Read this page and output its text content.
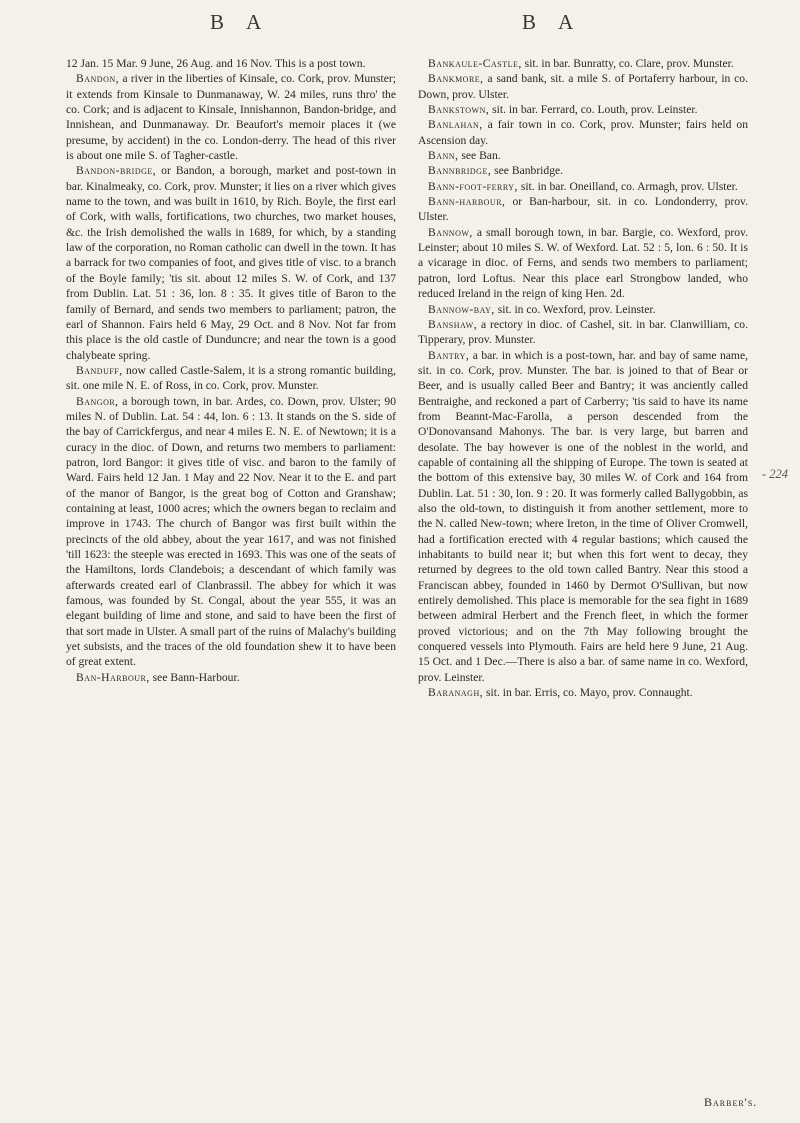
B A	B A

12 Jan. 15 Mar. 9 June, 26 Aug. and 16 Nov. This is a post town.

Bandon, a river in the liberties of Kinsale, co. Cork, prov. Munster; it extends from Kinsale to Dunmanaway, W. 24 miles, runs thro' the co. Cork; and is adjacent to Kinsale, Innishannon, Bandon-bridge, and Innishean, and Dunmanaway. Dr. Beaufort's memoir places it (we presume, by accident) in the co. London-derry. The head of this river is about one mile S. of Tagher-castle.

Bandon-bridge, or Bandon, a borough, market and post-town in bar. Kinalmeaky, co. Cork, prov. Munster; it lies on a river which gives name to the town, and was built in 1610, by Rich. Boyle, the first earl of Cork, with walls, fortifications, two churches, two market houses, &c. the Irish demolished the walls in 1689, for which, by a standing law of the corporation, no Roman catholic can dwell in the town. It has a barrack for two companies of foot, and gives title of visc. to a branch of the Boyle family; 'tis sit. about 12 miles S. W. of Cork, and 137 from Dublin. Lat. 51 : 36, lon. 8 : 35. It gives title of Baron to the family of Bernard, and sends two members to parliament; patron, the earl of Shannon. Fairs held 6 May, 29 Oct. and 8 Nov. Not far from this place is the old castle of Dunduncre; and near the town is a good chalybeate spring.

Banduff, now called Castle-Salem, it is a strong romantic building, sit. one mile N. E. of Ross, in co. Cork, prov. Munster.

Bangor, a borough town, in bar. Ardes, co. Down, prov. Ulster; 90 miles N. of Dublin. Lat. 54 : 44, lon. 6 : 13. It stands on the S. side of the bay of Carrickfergus, and near 4 miles E. N. E. of Newtown; it is a curacy in the dioc. of Down, and returns two members to parliament: patron, lord Bangor: it gives title of visc. and baron to the family of Ward. Fairs held 12 Jan. 1 May and 22 Nov. Near it to the E. and part of the manor of Bangor, is the great bog of Cotton and Granshaw; containing at least, 1000 acres; which the owners began to reclaim and improve in 1743. The church of Bangor was first built within the precincts of the old abbey, about the year 1617, and was not finished 'till 1623: the steeple was erected in 1693. This was one of the seats of the Hamiltons, lords Clandebois; a descendant of which family was afterwards created earl of Clanbrassil. The abbey for which it was famous, was founded by St. Congal, about the year 555, it was an elegant building of lime and stone, and said to have been the first of that sort made in Ulster. A small part of the ruins of Malachy's building yet subsists, and the traces of the old foundation shew it to have been of great extent.

Ban-Harbour, see Bann-Harbour.

Bankaule-Castle, sit. in bar. Bunratty, co. Clare, prov. Munster.

Bankmore, a sand bank, sit. a mile S. of Portaferry harbour, in co. Down, prov. Ulster.

Bankstown, sit. in bar. Ferrard, co. Louth, prov. Leinster.

Banlahan, a fair town in co. Cork, prov. Munster; fairs held on Ascension day.

Bann, see Ban.

Bannbridge, see Banbridge.

Bann-foot-ferry, sit. in bar. Oneilland, co. Armagh, prov. Ulster.

Bann-harbour, or Ban-harbour, sit. in co. Londonderry, prov. Ulster.

Bannow, a small borough town, in bar. Bargie, co. Wexford, prov. Leinster; about 10 miles S. W. of Wexford. Lat. 52 : 5, lon. 6 : 50. It is a vicarage in dioc. of Ferns, and sends two members to parliament; patron, lord Loftus. Near this place earl Strongbow landed, who reduced Ireland in the reign of king Hen. 2d.

Bannow-bay, sit. in co. Wexford, prov. Leinster.

Banshaw, a rectory in dioc. of Cashel, sit. in bar. Clanwilliam, co. Tipperary, prov. Munster.

Bantry, a bar. in which is a post-town, har. and bay of same name, sit. in co. Cork, prov. Munster. The bar. is joined to that of Bear or Beer, and is usually called Beer and Bantry; it was anciently called Bentraighe, and reckoned a part of Carberry; 'tis said to have its name from Beannt-Mac-Farolla, a person descended from the O'Donovansand Mahonys. The bar. is very large, but barren and desolate. The bay however is one of the noblest in the world, and capable of containing all the shipping of Europe. The town is seated at the bottom of this extensive bay, 30 miles W. of Cork and 164 from Dublin. Lat. 51 : 30, lon. 9 : 20. It was formerly called Ballygobbin, as also the old-town, to distinguish it from another settlement, more to the N. called New-town; where Ireton, in the time of Oliver Cromwell, had a fortification erected with 4 regular bastions; which caused the inhabitants to build near it; but when this fort went to decay, they returned by degrees to the old town called Bantry. Near this stood a Franciscan abbey, founded in 1460 by Dermot O'Sullivan, but now entirely demolished. This place is memorable for the sea fight in 1689 between admiral Herbert and the French fleet, in which the former proved victorious; and on the 7th May following brought the conquered vessels into Plymouth. Fairs are held here 9 June, 21 Aug. 15 Oct. and 1 Dec.—There is also a bar. of same name in co. Wexford, prov. Leinster.

Baranagh, sit. in bar. Erris, co. Mayo, prov. Connaught.

- 224
Barber's.
